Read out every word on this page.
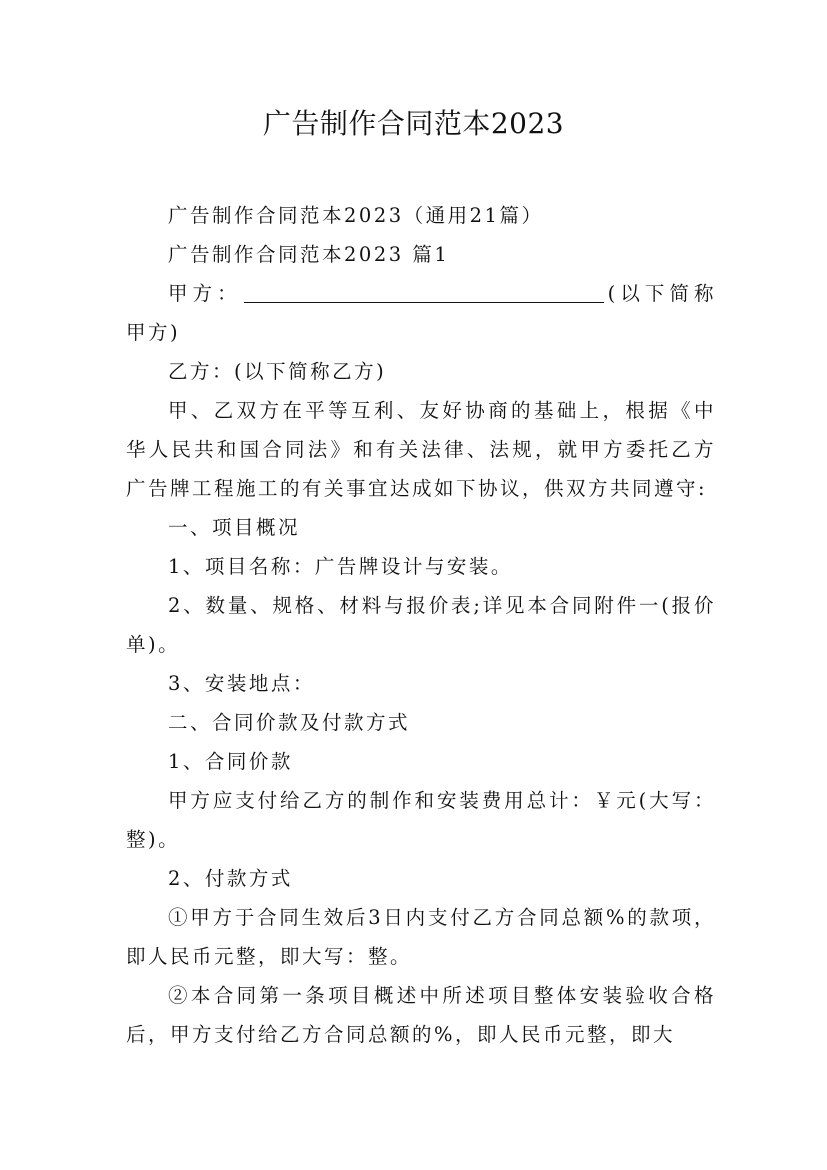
广告制作合同范本2023

广告制作合同范本2023（通用21篇）

广告制作合同范本2023 篇1

甲方：	(以下简称甲方)

乙方：(以下简称乙方)

甲、乙双方在平等互利、友好协商的基础上，根据《中华人民共和国合同法》和有关法律、法规，就甲方委托乙方广告牌工程施工的有关事宜达成如下协议，供双方共同遵守:

一、项目概况

1、项目名称：广告牌设计与安装。

2、数量、规格、材料与报价表;详见本合同附件一(报价单)。

3、安装地点：

二、合同价款及付款方式

1、合同价款

甲方应支付给乙方的制作和安装费用总计：￥元(大写：整)。

2、付款方式

①甲方于合同生效后3日内支付乙方合同总额%的款项，即人民币元整，即大写：整。

②本合同第一条项目概述中所述项目整体安装验收合格后，甲方支付给乙方合同总额的%，即人民币元整，即大
